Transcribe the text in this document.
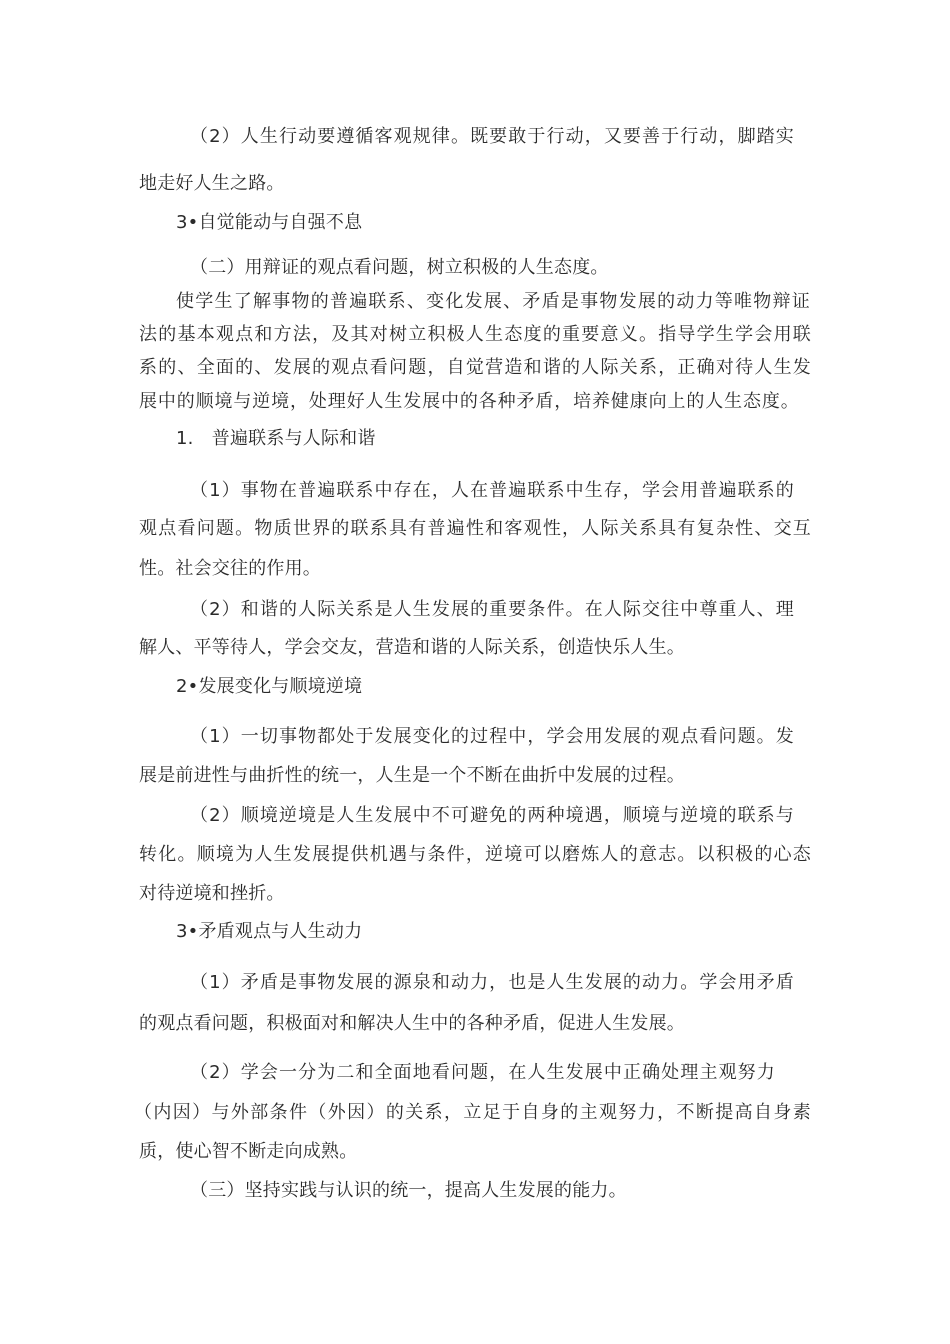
（2）人生行动要遵循客观规律。既要敢于行动，又要善于行动，脚踏实
地走好人生之路。
3•自觉能动与自强不息
（二）用辩证的观点看问题，树立积极的人生态度。
使学生了解事物的普遍联系、变化发展、矛盾是事物发展的动力等唯物辩证
法的基本观点和方法，及其对树立积极人生态度的重要意义。指导学生学会用联
系的、全面的、发展的观点看问题，自觉营造和谐的人际关系，正确对待人生发
展中的顺境与逆境，处理好人生发展中的各种矛盾，培养健康向上的人生态度。
1.　普遍联系与人际和谐
（1）事物在普遍联系中存在，人在普遍联系中生存，学会用普遍联系的
观点看问题。物质世界的联系具有普遍性和客观性，人际关系具有复杂性、交互
性。社会交往的作用。
（2）和谐的人际关系是人生发展的重要条件。在人际交往中尊重人、理
解人、平等待人，学会交友，营造和谐的人际关系，创造快乐人生。
2•发展变化与顺境逆境
（1）一切事物都处于发展变化的过程中，学会用发展的观点看问题。发
展是前进性与曲折性的统一，人生是一个不断在曲折中发展的过程。
（2）顺境逆境是人生发展中不可避免的两种境遇，顺境与逆境的联系与
转化。顺境为人生发展提供机遇与条件，逆境可以磨炼人的意志。以积极的心态
对待逆境和挫折。
3•矛盾观点与人生动力
（1）矛盾是事物发展的源泉和动力，也是人生发展的动力。学会用矛盾
的观点看问题，积极面对和解决人生中的各种矛盾，促进人生发展。
（2）学会一分为二和全面地看问题，在人生发展中正确处理主观努力
（内因）与外部条件（外因）的关系，立足于自身的主观努力，不断提高自身素
质，使心智不断走向成熟。
（三）坚持实践与认识的统一，提高人生发展的能力。
